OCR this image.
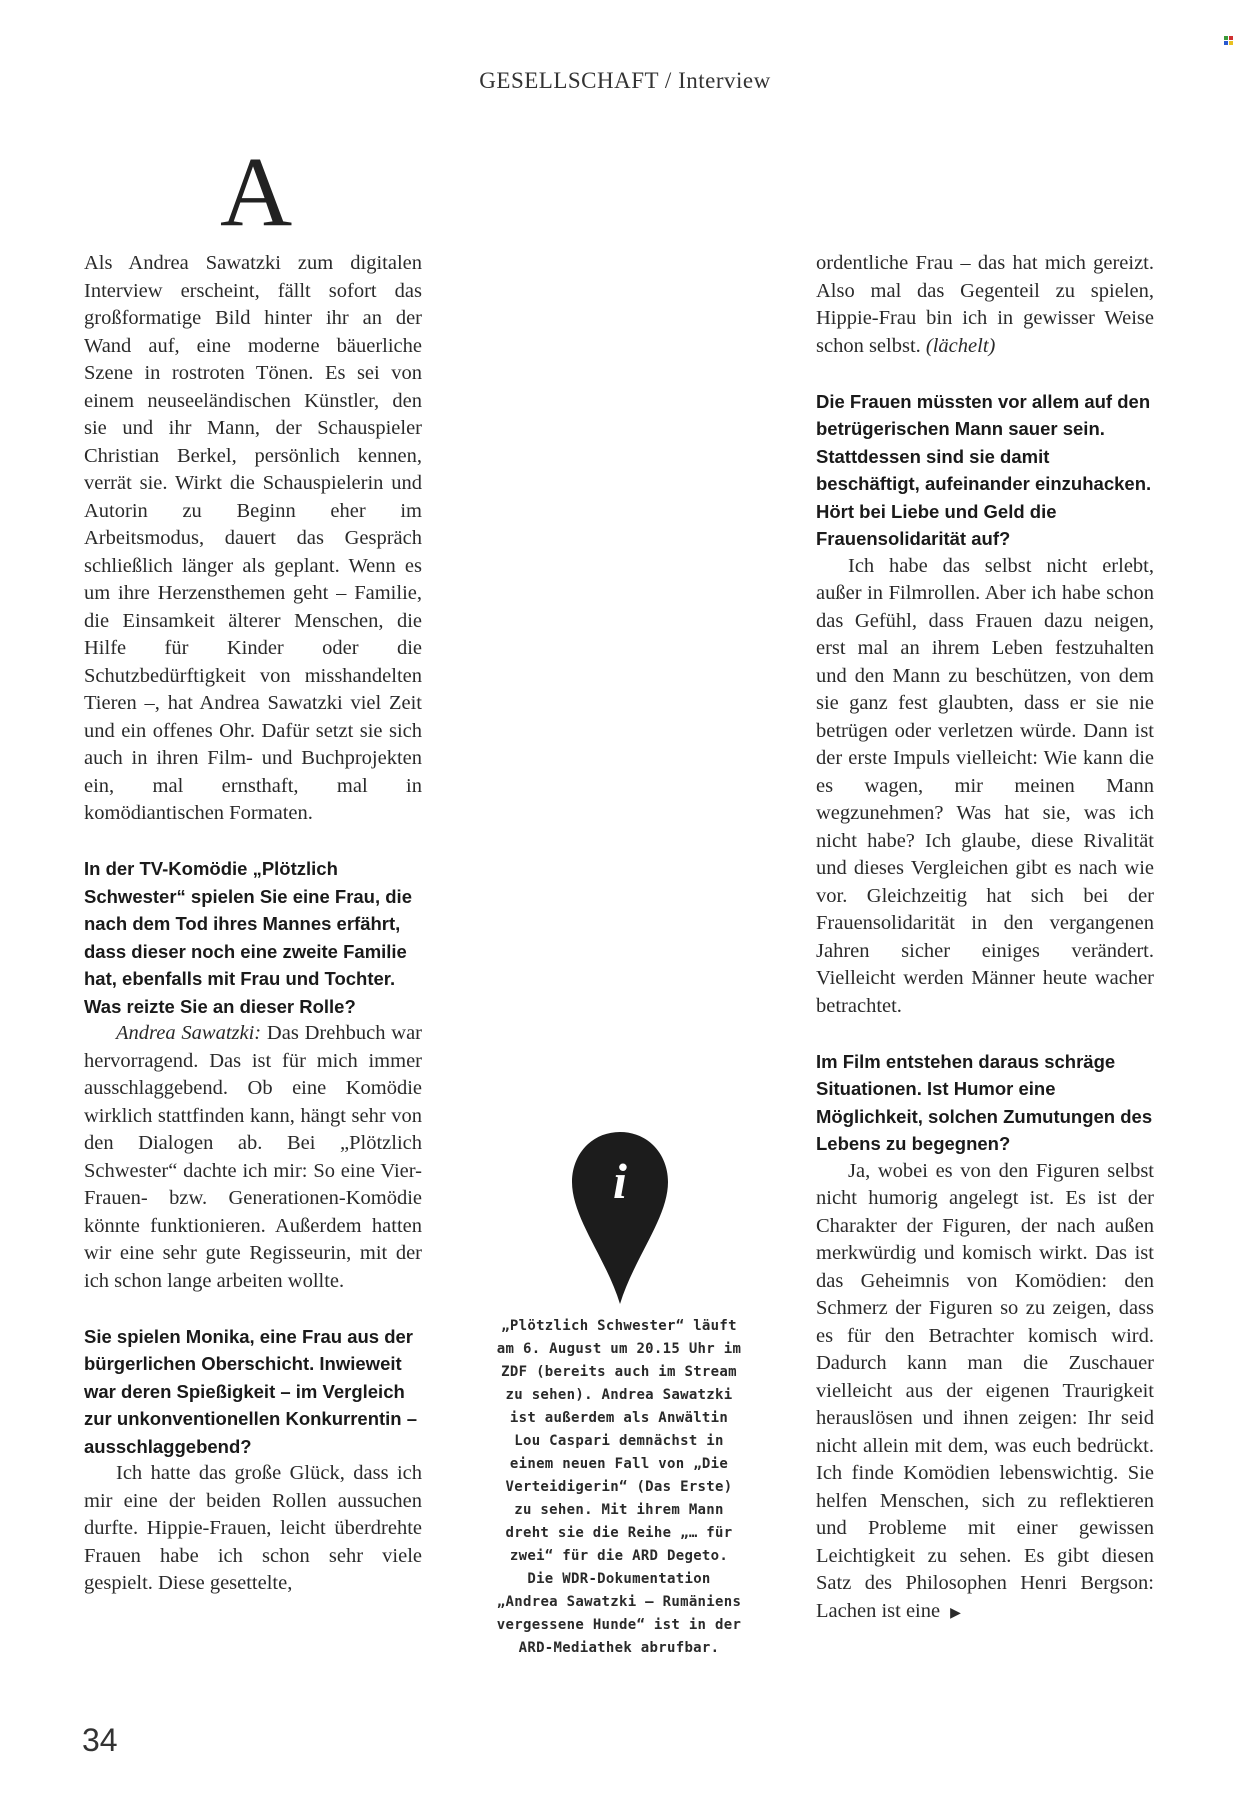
GESELLSCHAFT / Interview
A

Als Andrea Sawatzki zum digitalen Interview erscheint, fällt sofort das großformatige Bild hinter ihr an der Wand auf, eine moderne bäuerliche Szene in rostroten Tönen. Es sei von einem neuseeländischen Künstler, den sie und ihr Mann, der Schauspieler Christian Berkel, persönlich kennen, verrät sie. Wirkt die Schauspielerin und Autorin zu Beginn eher im Arbeitsmodus, dauert das Gespräch schließlich länger als geplant. Wenn es um ihre Herzensthemen geht – Familie, die Einsamkeit älterer Menschen, die Hilfe für Kinder oder die Schutzbedürftigkeit von misshandelten Tieren –, hat Andrea Sawatzki viel Zeit und ein offenes Ohr. Dafür setzt sie sich auch in ihren Film- und Buchprojekten ein, mal ernsthaft, mal in komödiantischen Formaten.

In der TV-Komödie „Plötzlich Schwester“ spielen Sie eine Frau, die nach dem Tod ihres Mannes erfährt, dass dieser noch eine zweite Familie hat, ebenfalls mit Frau und Tochter. Was reizte Sie an dieser Rolle?

Andrea Sawatzki: Das Drehbuch war hervorragend. Das ist für mich immer ausschlaggebend. Ob eine Komödie wirklich stattfinden kann, hängt sehr von den Dialogen ab. Bei „Plötzlich Schwester“ dachte ich mir: So eine Vier-Frauen- bzw. Generationen-Komödie könnte funktionieren. Außerdem hatten wir eine sehr gute Regisseurin, mit der ich schon lange arbeiten wollte.

Sie spielen Monika, eine Frau aus der bürgerlichen Oberschicht. Inwieweit war deren Spießigkeit – im Vergleich zur unkonventionellen Konkurrentin – ausschlaggebend?

Ich hatte das große Glück, dass ich mir eine der beiden Rollen aussuchen durfte. Hippie-Frauen, leicht überdrehte Frauen habe ich schon sehr viele gespielt. Diese gesettelte,

i

„Plötzlich Schwester“ läuft am 6. August um 20.15 Uhr im ZDF (bereits auch im Stream zu sehen). Andrea Sawatzki ist außerdem als Anwältin Lou Caspari demnächst in einem neuen Fall von „Die Verteidigerin“ (Das Erste) zu sehen. Mit ihrem Mann dreht sie die Reihe „… für zwei“ für die ARD Degeto. Die WDR-Dokumentation „Andrea Sawatzki – Rumäniens vergessene Hunde“ ist in der ARD-Mediathek abrufbar.

ordentliche Frau – das hat mich gereizt. Also mal das Gegenteil zu spielen, Hippie-Frau bin ich in gewisser Weise schon selbst. (lächelt)

Die Frauen müssten vor allem auf den betrügerischen Mann sauer sein. Stattdessen sind sie damit beschäftigt, aufeinander einzuhacken. Hört bei Liebe und Geld die Frauensolidarität auf?

Ich habe das selbst nicht erlebt, außer in Filmrollen. Aber ich habe schon das Gefühl, dass Frauen dazu neigen, erst mal an ihrem Leben festzuhalten und den Mann zu beschützen, von dem sie ganz fest glaubten, dass er sie nie betrügen oder verletzen würde. Dann ist der erste Impuls vielleicht: Wie kann die es wagen, mir meinen Mann wegzunehmen? Was hat sie, was ich nicht habe? Ich glaube, diese Rivalität und dieses Vergleichen gibt es nach wie vor. Gleichzeitig hat sich bei der Frauensolidarität in den vergangenen Jahren sicher einiges verändert. Vielleicht werden Männer heute wacher betrachtet.

Im Film entstehen daraus schräge Situationen. Ist Humor eine Möglichkeit, solchen Zumutungen des Lebens zu begegnen?

Ja, wobei es von den Figuren selbst nicht humorig angelegt ist. Es ist der Charakter der Figuren, der nach außen merkwürdig und komisch wirkt. Das ist das Geheimnis von Komödien: den Schmerz der Figuren so zu zeigen, dass es für den Betrachter komisch wird. Dadurch kann man die Zuschauer vielleicht aus der eigenen Traurigkeit herauslösen und ihnen zeigen: Ihr seid nicht allein mit dem, was euch bedrückt. Ich finde Komödien lebenswichtig. Sie helfen Menschen, sich zu reflektieren und Probleme mit einer gewissen Leichtigkeit zu sehen. Es gibt diesen Satz des Philosophen Henri Bergson: Lachen ist eine ▶

34
